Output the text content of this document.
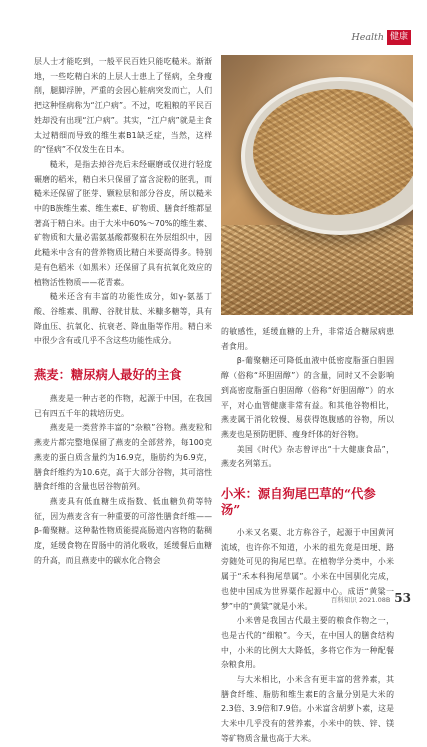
Health 健康

层人士才能吃到，一般平民百姓只能吃糙米。渐渐地，一些吃精白米的上层人士患上了怪病，全身瘦削，腿脚浮肿，严重的会因心脏病突发而亡，人们把这种怪病称为“江户病”。不过，吃粗粮的平民百姓却没有出现“江户病”。其实，“江户病”就是主食太过精细而导致的维生素B1缺乏症，当然，这样的“怪病”不仅发生在日本。

糙米，是指去掉谷壳后未经碾磨或仅进行轻度碾磨的稻米，精白米只保留了富含淀粉的胚乳，而糙米还保留了胚芽、颗粒层和部分谷皮，所以糙米中的B族维生素、维生素E、矿物质、膳食纤维都显著高于精白米。由于大米中60%～70%的维生素、矿物质和大量必需氨基酸都聚积在外层组织中，因此糙米中含有的营养物质比精白米要高得多。特别是有色稻米（如黑米）还保留了具有抗氧化效应的植物活性物质——花青素。

糙米还含有丰富的功能性成分，如γ-氨基丁酸、谷维素、肌醇、谷胱甘肽、米糠多糖等，具有降血压、抗氧化、抗衰老、降血脂等作用。精白米中很少含有或几乎不含这些功能性成分。

燕麦：糖尿病人最好的主食

燕麦是一种古老的作物，起源于中国，在我国已有四五千年的栽培历史。

燕麦是一类营养丰富的“杂粮”谷物。燕麦粒和燕麦片都完整地保留了燕麦的全部营养，每100克燕麦的蛋白质含量约为16.9克，脂肪约为6.9克，膳食纤维约为10.6克，高于大部分谷物，其可溶性膳食纤维的含量也居谷物前列。

燕麦具有低血糖生成指数、低血糖负荷等特征，因为燕麦含有一种重要的可溶性膳食纤维——β-葡聚糖。这种黏性物质能提高肠道内容物的黏稠度，延缓食物在胃肠中的消化吸收，延缓餐后血糖的升高，而且燕麦中的碳水化合物会

的敏感性，延缓血糖的上升，非常适合糖尿病患者食用。

β-葡聚糖还可降低血液中低密度脂蛋白胆固醇（俗称“坏胆固醇”）的含量，同时又不会影响到高密度脂蛋白胆固醇（俗称“好胆固醇”）的水平，对心血管健康非常有益。和其他谷物相比，燕麦属于消化较慢、易获得饱腹感的谷物，所以燕麦也是预防肥胖、瘦身纤体的好谷物。

美国《时代》杂志曾评出“十大健康食品”，燕麦名列第五。

小米：源自狗尾巴草的“代参汤”

小米又名粟、北方称谷子，起源于中国黄河流域，也许你不知道，小米的祖先竟是田埂、路旁随处可见的狗尾巴草。在植物学分类中，小米属于“禾本科狗尾草属”。小米在中国驯化完成，也使中国成为世界粟作起源中心。成语“黄粱一梦”中的“黄粱”就是小米。

小米曾是我国古代最主要的粮食作物之一，也是古代的“细粮”。今天，在中国人的膳食结构中，小米的比例大大降低，多将它作为一种配餐杂粮食用。

与大米相比，小米含有更丰富的营养素，其膳食纤维、脂肪和维生素E的含量分别是大米的2.3倍、3.9倍和7.9倍。小米富含胡萝卜素，这是大米中几乎没有的营养素，小米中的铁、锌、镁等矿物质含量也高于大米。

百科知识 2021.08B 53
